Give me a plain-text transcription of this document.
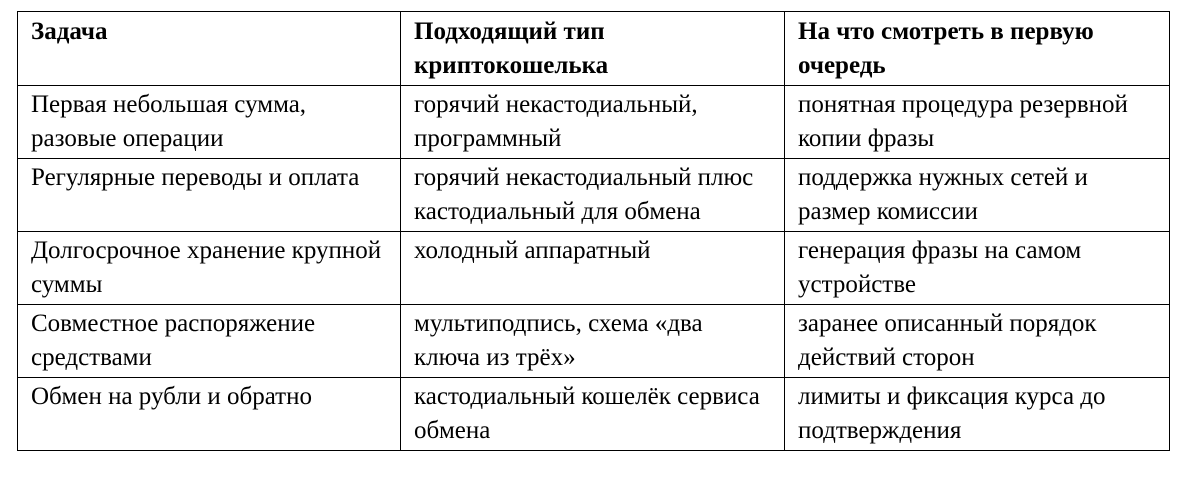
Задача	Подходящий тип криптокошелька	На что смотреть в первую очередь
Первая небольшая сумма, разовые операции	горячий некастодиальный, программный	понятная процедура резервной копии фразы
Регулярные переводы и оплата	горячий некастодиальный плюс кастодиальный для обмена	поддержка нужных сетей и размер комиссии
Долгосрочное хранение крупной суммы	холодный аппаратный	генерация фразы на самом устройстве
Совместное распоряжение средствами	мультиподпись, схема «два ключа из трёх»	заранее описанный порядок действий сторон
Обмен на рубли и обратно	кастодиальный кошелёк сервиса обмена	лимиты и фиксация курса до подтверждения
